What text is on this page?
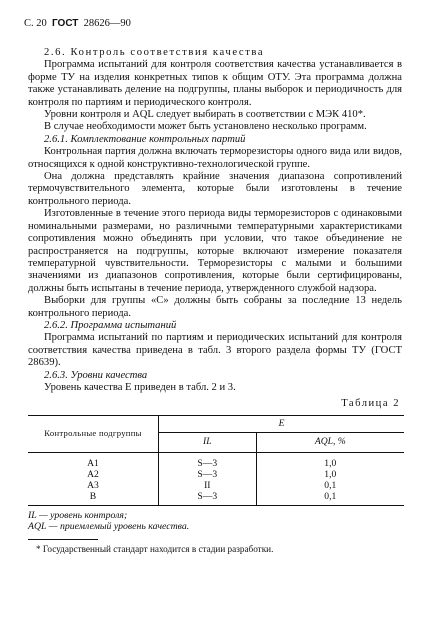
С. 20 ГОСТ 28626—90

2.6. Контроль соответствия качества

Программа испытаний для контроля соответствия качества устанавливается в форме ТУ на изделия конкретных типов к общим ОТУ. Эта программа должна также устанавливать деление на подгруппы, планы выборок и периодичность для контроля по партиям и периодического контроля.

Уровни контроля и AQL следует выбирать в соответствии с МЭК 410*.

В случае необходимости может быть установлено несколько программ.

2.6.1. Комплектование контрольных партий

Контрольная партия должна включать терморезисторы одного вида или видов, относящихся к одной конструктивно-технологической группе.

Она должна представлять крайние значения диапазона сопротивлений термочувствительного элемента, которые были изготовлены в течение контрольного периода.

Изготовленные в течение этого периода виды терморезисторов с одинаковыми номинальными размерами, но различными температурными характеристиками сопротивления можно объединять при условии, что такое объединение не распространяется на подгруппы, которые включают измерение показателя температурной чувствительности. Терморезисторы с малыми и большими значениями из диапазонов сопротивления, которые были сертифицированы, должны быть испытаны в течение периода, утвержденного службой надзора.

Выборки для группы «С» должны быть собраны за последние 13 недель контрольного периода.

2.6.2. Программа испытаний

Программа испытаний по партиям и периодических испытаний для контроля соответствия качества приведена в табл. 3 второго раздела формы ТУ (ГОСТ 28639).

2.6.3. Уровни качества

Уровень качества E приведен в табл. 2 и 3.

Таблица 2
Контрольные подгруппы	E	
	IL	AQL, %
A1	S—3	1,0
A2	S—3	1,0
A3	II	0,1
B	S—3	0,1
IL — уровень контроля;
AQL — приемлемый уровень качества.
* Государственный стандарт находится в стадии разработки.
